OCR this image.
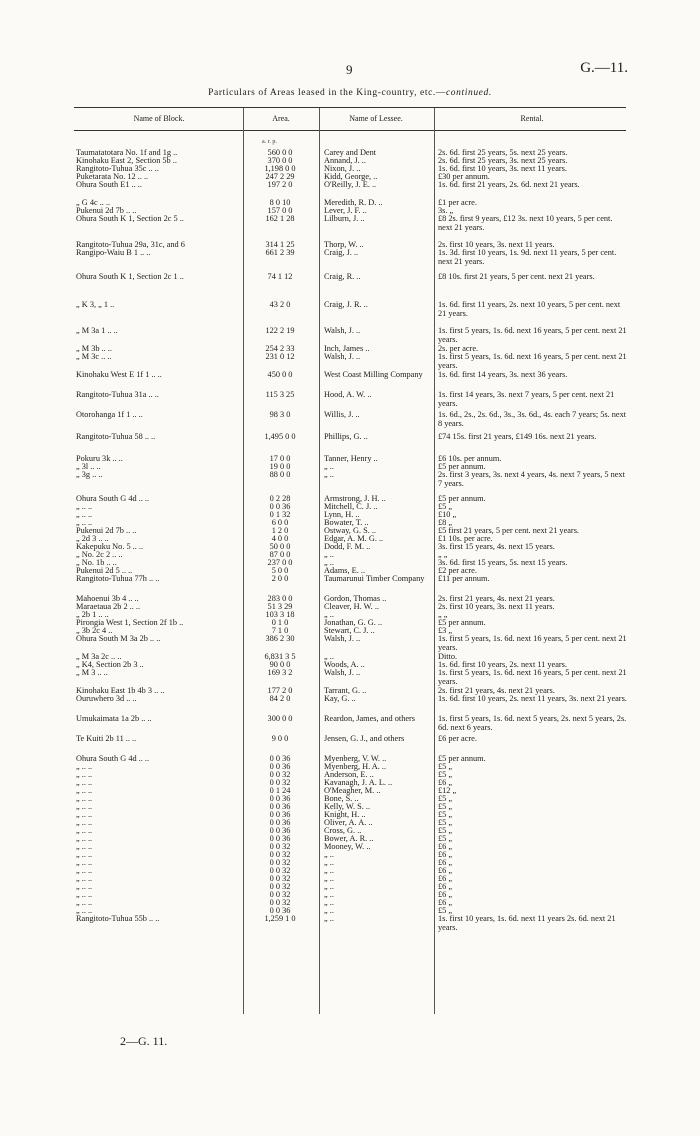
9	G.—11.
Particulars of Areas leased in the King-country, etc.—continued.
Name of Block.	Area.	Name of Lessee.	Rental.
a. r. p.
Taumatatotara No. 1f and 1g ..	560 0 0	Carey and Dent	2s. 6d. first 25 years, 5s. next 25 years.
Kinohaku East 2, Section 5b ..	370 0 0	Annand, J. ..	2s. 6d. first 25 years, 3s. next 25 years.
Rangitoto-Tuhua 35c .. ..	1,198 0 0	Nixon, J. ..	1s. 6d. first 10 years, 3s. next 11 years.
Puketarata No. 12 .. ..	247 2 29	Kidd, George, ..	£30 per annum.
Ohura South E1 .. ..	197 2 0	O'Reilly, J. E. ..	1s. 6d. first 21 years, 2s. 6d. next 21 years.
„ G 4c .. ..	8 0 10	Meredith, R. D. ..	£1 per acre.
Pukenui 2d 7b .. ..	157 0 0	Lever, J. F. ..	3s. „
Ohura South K 1, Section 2c 5 ..	162 1 28	Lilburn, J. ..	£8 2s. first 9 years, £12 3s. next 10 years, 5 per cent. next 21 years.
Rangitoto-Tuhua 29a, 31c, and 6	314 1 25	Thorp, W. ..	2s. first 10 years, 3s. next 11 years.
Rangipo-Waiu B 1 .. ..	661 2 39	Craig, J. ..	1s. 3d. first 10 years, 1s. 9d. next 11 years, 5 per cent. next 21 years.
Ohura South K 1, Section 2c 1 ..	74 1 12	Craig, R. ..	£8 10s. first 21 years, 5 per cent. next 21 years.
„ K 3, „ 1 ..	43 2 0	Craig, J. R. ..	1s. 6d. first 11 years, 2s. next 10 years, 5 per cent. next 21 years.
„ M 3a 1 .. ..	122 2 19	Walsh, J. ..	1s. first 5 years, 1s. 6d. next 16 years, 5 per cent. next 21 years.
„ M 3b .. ..	254 2 33	Inch, James ..	2s. per acre.
„ M 3c .. ..	231 0 12	Walsh, J. ..	1s. first 5 years, 1s. 6d. next 16 years, 5 per cent. next 21 years.
Kinohaku West E 1f 1 .. ..	450 0 0	West Coast Milling Company	1s. 6d. first 14 years, 3s. next 36 years.
Rangitoto-Tuhua 31a .. ..	115 3 25	Hood, A. W. ..	1s. first 14 years, 3s. next 7 years, 5 per cent. next 21 years.
Otorohanga 1f 1 .. ..	98 3 0	Willis, J. ..	1s. 6d., 2s., 2s. 6d., 3s., 3s. 6d., 4s. each 7 years; 5s. next 8 years.
Rangitoto-Tuhua 58 .. ..	1,495 0 0	Phillips, G. ..	£74 15s. first 21 years, £149 16s. next 21 years.
Pokuru 3k .. ..	17 0 0	Tanner, Henry ..	£6 10s. per annum.
„ 3l .. ..	19 0 0	„ ..	£5 per annum.
„ 3g .. ..	88 0 0	„ ..	2s. first 3 years, 3s. next 4 years, 4s. next 7 years, 5 next 7 years.
Ohura South G 4d .. ..	0 2 28	Armstrong, J. H. ..	£5 per annum.
„ .. ..	0 0 36	Mitchell, C. J. ..	£5 „
„ .. ..	0 1 32	Lynn, H. ..	£10 „
„ .. ..	6 0 0	Bowater, T. ..	£8 „
Pukenui 2d 7b .. ..	1 2 0	Ostway, G. S. ..	£5 first 21 years, 5 per cent. next 21 years.
„ 2d 3 .. ..	4 0 0	Edgar, A. M. G. ..	£1 10s. per acre.
Kakepuku No. 5 .. ..	50 0 0	Dodd, F. M. ..	3s. first 15 years, 4s. next 15 years.
„ No. 2c 2 .. ..	87 0 0	„ ..	„ „
„ No. 1b .. ..	237 0 0	„ ..	3s. 6d. first 15 years, 5s. next 15 years.
Pukenui 2d 5 .. ..	5 0 0	Adams, E. ..	£2 per acre.
Rangitoto-Tuhua 77h .. ..	2 0 0	Taumarunui Timber Company	£11 per annum.
Mahoenui 3b 4 .. ..	283 0 0	Gordon, Thomas ..	2s. first 21 years, 4s. next 21 years.
Maraetaua 2b 2 .. ..	51 3 29	Cleaver, H. W. ..	2s. first 10 years, 3s. next 11 years.
„ 2b 1 .. ..	103 3 18	„ ..	„ „
Pirongia West 1, Section 2f 1b ..	0 1 0	Jonathan, G. G. ..	£5 per annum.
„ 3b 2c 4 ..	7 1 0	Stewart, C. J. ..	£3 „
Ohura South M 3a 2b .. ..	386 2 30	Walsh, J. ..	1s. first 5 years, 1s. 6d. next 16 years, 5 per cent. next 21 years.
„ M 3a 2c .. ..	6,831 3 5	„ ..	Ditto.
„ K4, Section 2b 3 ..	90 0 0	Woods, A. ..	1s. 6d. first 10 years, 2s. next 11 years.
„ M 3 .. ..	169 3 2	Walsh, J. ..	1s. first 5 years, 1s. 6d. next 16 years, 5 per cent. next 21 years.
Kinohaku East 1b 4b 3 .. ..	177 2 0	Tarrant, G. ..	2s. first 21 years, 4s. next 21 years.
Ouruwhero 3d .. ..	84 2 0	Kay, G. ..	1s. 6d. first 10 years, 2s. next 11 years, 3s. next 21 years.
Umukaimata 1a 2b .. ..	300 0 0	Reardon, James, and others	1s. first 5 years, 1s. 6d. next 5 years, 2s. next 5 years, 2s. 6d. next 6 years.
Te Kuiti 2b 11 .. ..	9 0 0	Jensen, G. J., and others	£6 per acre.
Ohura South G 4d .. ..	0 0 36	Myenberg, V. W. ..	£5 per annum.
„ .. ..	0 0 36	Myenberg, H. A. ..	£5 „
„ .. ..	0 0 32	Anderson, E. ..	£5 „
„ .. ..	0 0 32	Kavanagh, J. A. L. ..	£6 „
„ .. ..	0 1 24	O'Meagher, M. ..	£12 „
„ .. ..	0 0 36	Bone, S. ..	£5 „
„ .. ..	0 0 36	Kelly, W. S. ..	£5 „
„ .. ..	0 0 36	Knight, H. ..	£5 „
„ .. ..	0 0 36	Oliver, A. A. ..	£5 „
„ .. ..	0 0 36	Cross, G. ..	£5 „
„ .. ..	0 0 36	Bower, A. R. ..	£5 „
„ .. ..	0 0 32	Mooney, W. ..	£6 „
„ .. ..	0 0 32	„ ..	£6 „
„ .. ..	0 0 32	„ ..	£6 „
„ .. ..	0 0 32	„ ..	£6 „
„ .. ..	0 0 32	„ ..	£6 „
„ .. ..	0 0 32	„ ..	£6 „
„ .. ..	0 0 32	„ ..	£6 „
„ .. ..	0 0 32	„ ..	£6 „
„ .. ..	0 0 36	„ ..	£5 „
Rangitoto-Tuhua 55b .. ..	1,259 1 0	„ ..	1s. first 10 years, 1s. 6d. next 11 years 2s. 6d. next 21 years.
2—G. 11.
